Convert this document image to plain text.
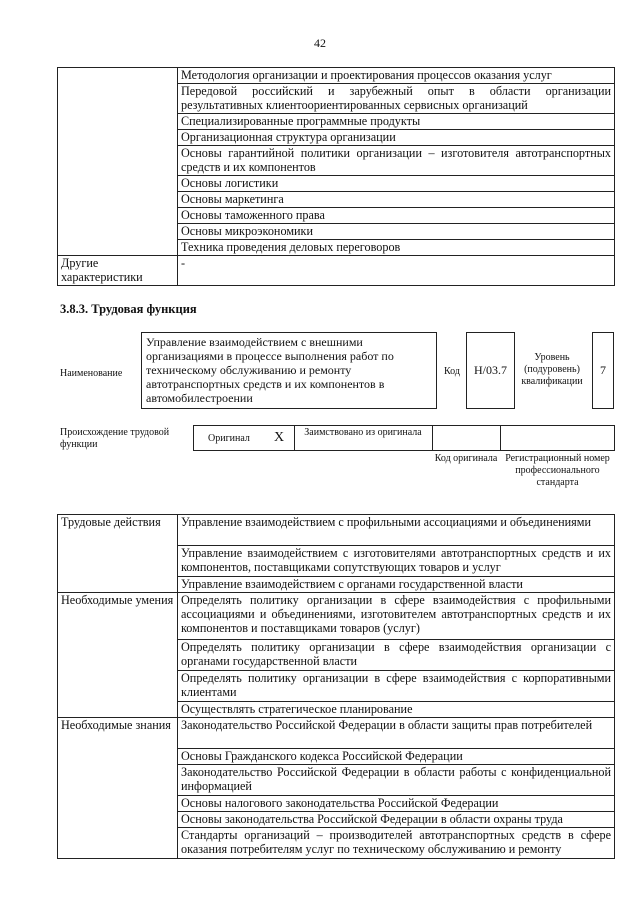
42
	Методология организации и проектирования процессов оказания услуг
	Передовой российский и зарубежный опыт в области организации результативных клиентоориентированных сервисных организаций
	Специализированные программные продукты
	Организационная структура организации
	Основы гарантийной политики организации – изготовителя автотранспортных средств и их компонентов
	Основы логистики
	Основы маркетинга
	Основы таможенного права
	Основы микроэкономики
	Техника проведения деловых переговоров
Другие характеристики	-
3.8.3. Трудовая функция
Наименование
Управление взаимодействием с внешними организациями в процессе выполнения работ по техническому обслуживанию и ремонту автотранспортных средств и их компонентов в автомобилестроении
Код H/03.7
Уровень (подуровень) квалификации
7
Происхождение трудовой функции
Оригинал X	Заимствовано из оригинала
Код оригинала Регистрационный номер профессионального стандарта
Трудовые действия	Управление взаимодействием с профильными ассоциациями и объединениями
	Управление взаимодействием с изготовителями автотранспортных средств и их компонентов, поставщиками сопутствующих товаров и услуг
	Управление взаимодействием с органами государственной власти
Необходимые умения	Определять политику организации в сфере взаимодействия с профильными ассоциациями и объединениями, изготовителем автотранспортных средств и их компонентов и поставщиками товаров (услуг)
	Определять политику организации в сфере взаимодействия организации с органами государственной власти
	Определять политику организации в сфере взаимодействия с корпоративными клиентами
	Осуществлять стратегическое планирование
Необходимые знания	Законодательство Российской Федерации в области защиты прав потребителей
	Основы Гражданского кодекса Российской Федерации
	Законодательство Российской Федерации в области работы с конфиденциальной информацией
	Основы налогового законодательства Российской Федерации
	Основы законодательства Российской Федерации в области охраны труда
	Стандарты организаций – производителей автотранспортных средств в сфере оказания потребителям услуг по техническому обслуживанию и ремонту
